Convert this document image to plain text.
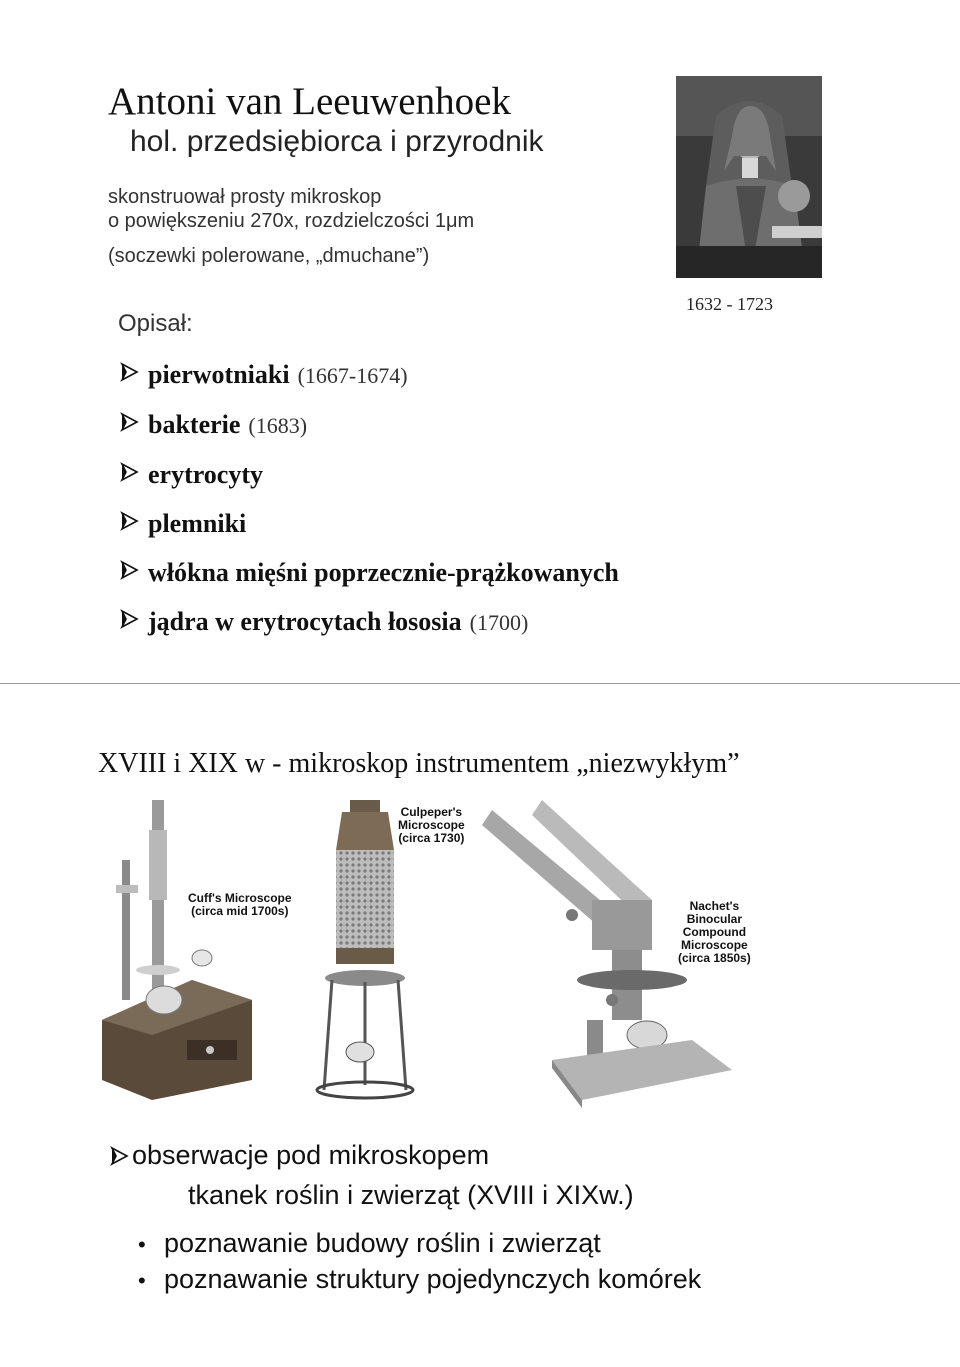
Antoni van Leeuwenhoek
hol. przedsiębiorca i przyrodnik
skonstruował prosty mikroskop
o powiększeniu 270x, rozdzielczości 1μm
(soczewki polerowane, „dmuchane”)
1632 - 1723
Opisał:
pierwotniaki (1667-1674)
bakterie (1683)
erytrocyty
plemniki
włókna mięśni poprzecznie-prążkowanych
jądra w erytrocytach łososia (1700)
XVIII i XIX w - mikroskop instrumentem „niezwykłym”
Cuff's Microscope
(circa mid 1700s)
Culpeper's
Microscope
(circa 1730)
Nachet's
Binocular
Compound
Microscope
(circa 1850s)
obserwacje pod mikroskopem
tkanek roślin i zwierząt (XVIII i XIXw.)
• poznawanie budowy roślin i zwierząt
• poznawanie struktury pojedynczych komórek
